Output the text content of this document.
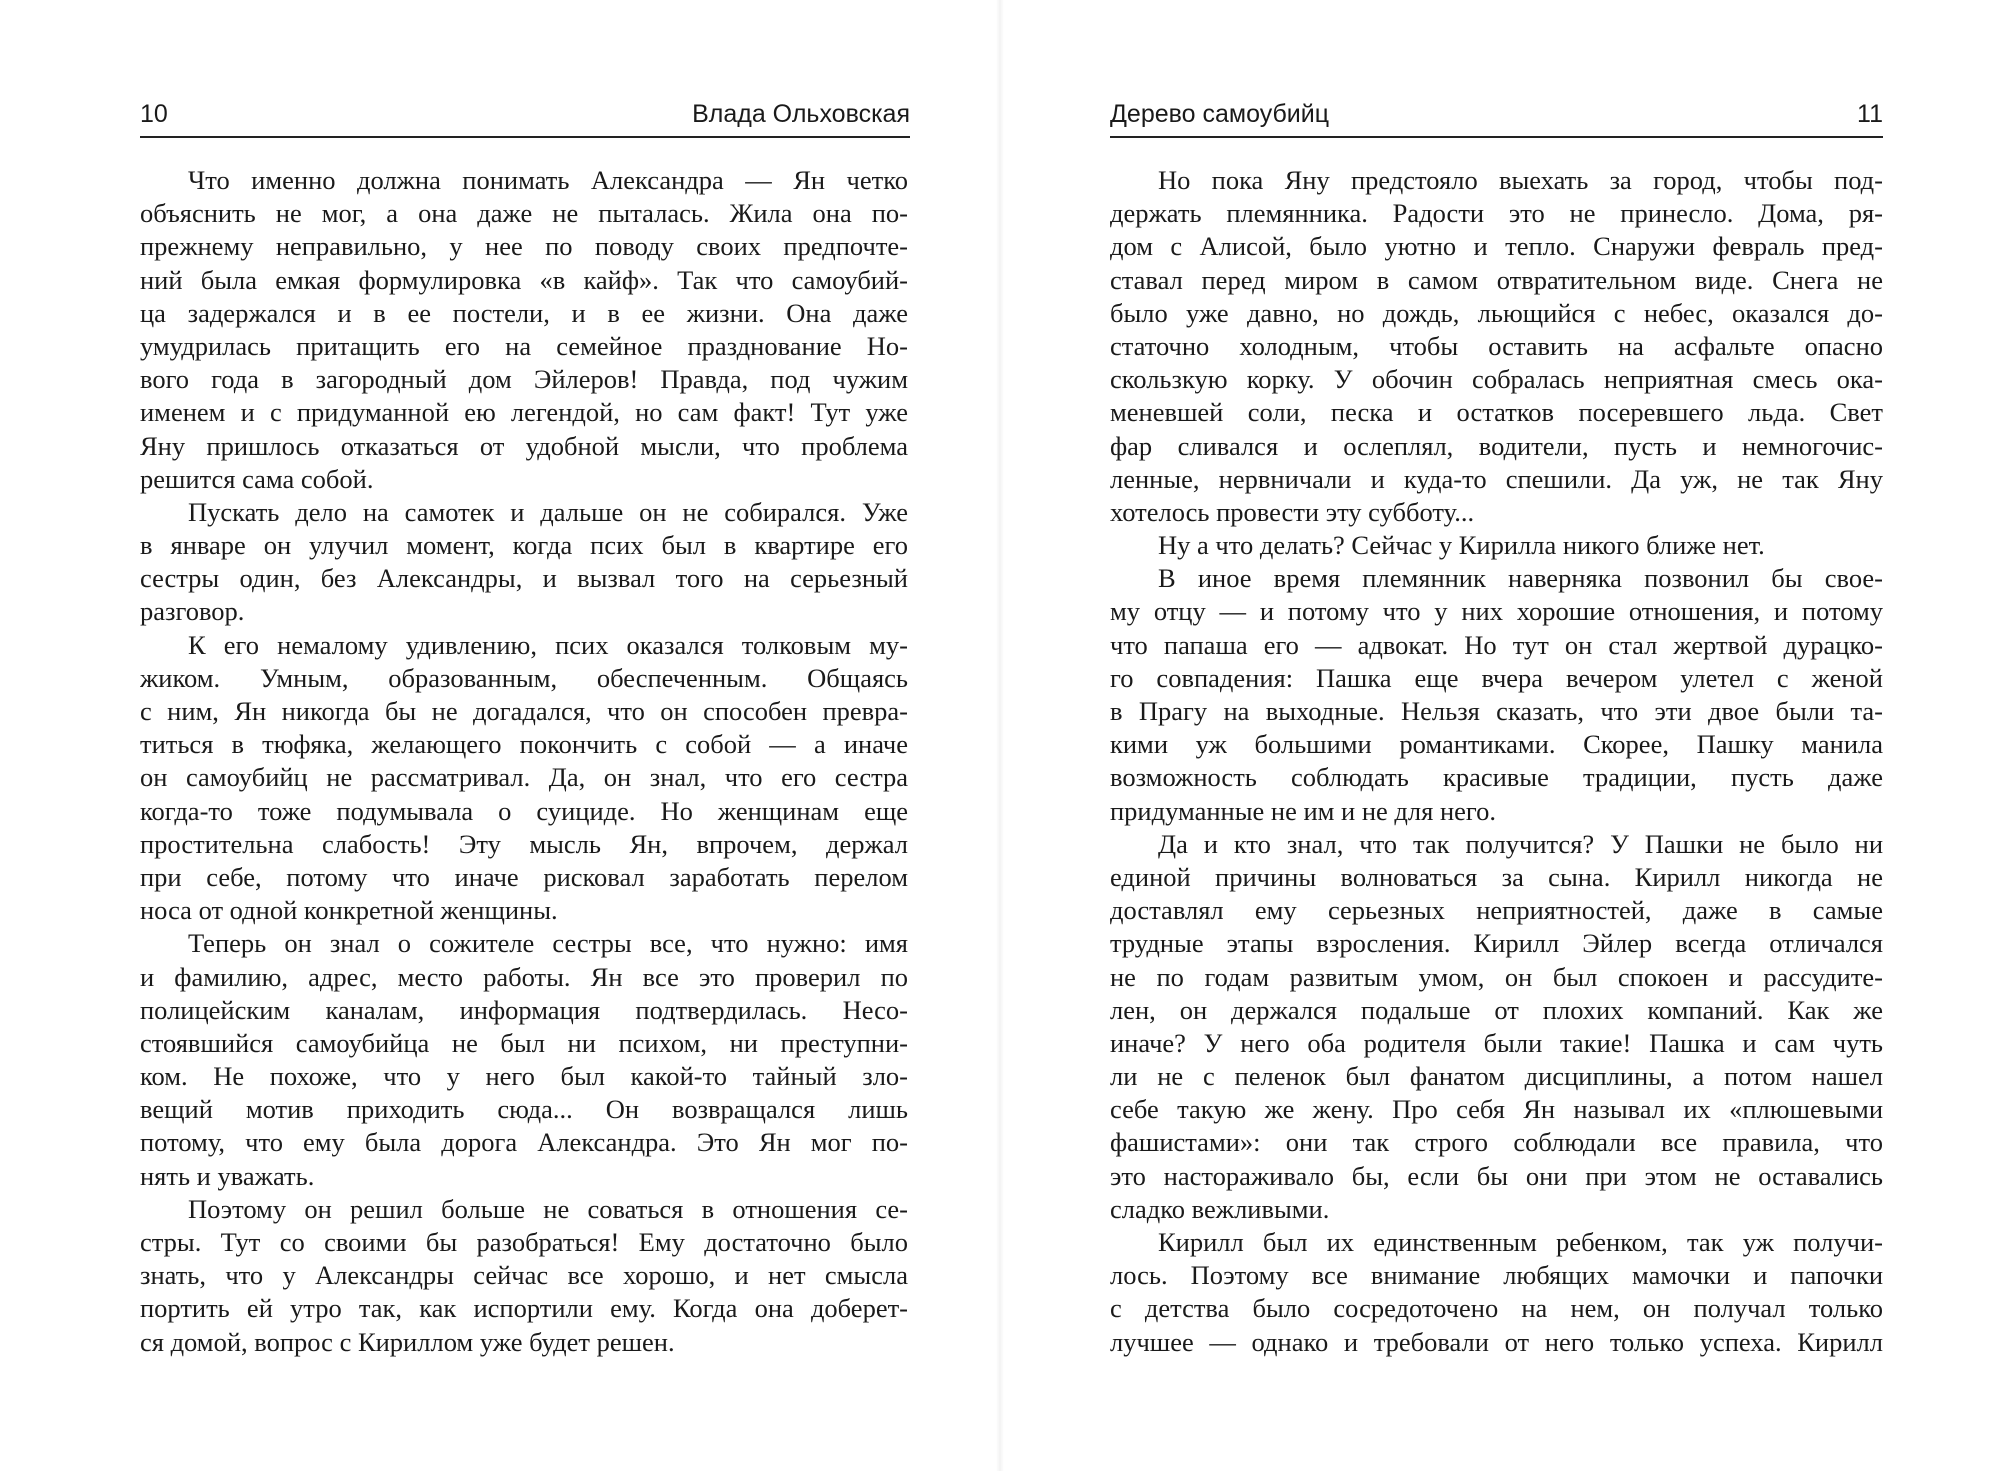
10	Влада Ольховская
Что именно должна понимать Александра — Ян четко
объяснить не мог, а она даже не пыталась. Жила она по-
прежнему неправильно, у нее по поводу своих предпочте-
ний была емкая формулировка «в кайф». Так что самоубий-
ца задержался и в ее постели, и в ее жизни. Она даже
умудрилась притащить его на семейное празднование Но-
вого года в загородный дом Эйлеров! Правда, под чужим
именем и с придуманной ею легендой, но сам факт! Тут уже
Яну пришлось отказаться от удобной мысли, что проблема
решится сама собой.
Пускать дело на самотек и дальше он не собирался. Уже
в январе он улучил момент, когда псих был в квартире его
сестры один, без Александры, и вызвал того на серьезный
разговор.
К его немалому удивлению, псих оказался толковым му-
жиком. Умным, образованным, обеспеченным. Общаясь
с ним, Ян никогда бы не догадался, что он способен превра-
титься в тюфяка, желающего покончить с собой — а иначе
он самоубийц не рассматривал. Да, он знал, что его сестра
когда-то тоже подумывала о суициде. Но женщинам еще
простительна слабость! Эту мысль Ян, впрочем, держал
при себе, потому что иначе рисковал заработать перелом
носа от одной конкретной женщины.
Теперь он знал о сожителе сестры все, что нужно: имя
и фамилию, адрес, место работы. Ян все это проверил по
полицейским каналам, информация подтвердилась. Несо-
стоявшийся самоубийца не был ни психом, ни преступни-
ком. Не похоже, что у него был какой-то тайный зло-
вещий мотив приходить сюда... Он возвращался лишь
потому, что ему была дорога Александра. Это Ян мог по-
нять и уважать.
Поэтому он решил больше не соваться в отношения се-
стры. Тут со своими бы разобраться! Ему достаточно было
знать, что у Александры сейчас все хорошо, и нет смысла
портить ей утро так, как испортили ему. Когда она доберет-
ся домой, вопрос с Кириллом уже будет решен.
Дерево самоубийц	11
Но пока Яну предстояло выехать за город, чтобы под-
держать племянника. Радости это не принесло. Дома, ря-
дом с Алисой, было уютно и тепло. Снаружи февраль пред-
ставал перед миром в самом отвратительном виде. Снега не
было уже давно, но дождь, льющийся с небес, оказался до-
статочно холодным, чтобы оставить на асфальте опасно
скользкую корку. У обочин собралась неприятная смесь ока-
меневшей соли, песка и остатков посеревшего льда. Свет
фар сливался и ослеплял, водители, пусть и немногочис-
ленные, нервничали и куда-то спешили. Да уж, не так Яну
хотелось провести эту субботу...
Ну а что делать? Сейчас у Кирилла никого ближе нет.
В иное время племянник наверняка позвонил бы свое-
му отцу — и потому что у них хорошие отношения, и потому
что папаша его — адвокат. Но тут он стал жертвой дурацко-
го совпадения: Пашка еще вчера вечером улетел с женой
в Прагу на выходные. Нельзя сказать, что эти двое были та-
кими уж большими романтиками. Скорее, Пашку манила
возможность соблюдать красивые традиции, пусть даже
придуманные не им и не для него.
Да и кто знал, что так получится? У Пашки не было ни
единой причины волноваться за сына. Кирилл никогда не
доставлял ему серьезных неприятностей, даже в самые
трудные этапы взросления. Кирилл Эйлер всегда отличался
не по годам развитым умом, он был спокоен и рассудите-
лен, он держался подальше от плохих компаний. Как же
иначе? У него оба родителя были такие! Пашка и сам чуть
ли не с пеленок был фанатом дисциплины, а потом нашел
себе такую же жену. Про себя Ян называл их «плюшевыми
фашистами»: они так строго соблюдали все правила, что
это настораживало бы, если бы они при этом не оставались
сладко вежливыми.
Кирилл был их единственным ребенком, так уж получи-
лось. Поэтому все внимание любящих мамочки и папочки
с детства было сосредоточено на нем, он получал только
лучшее — однако и требовали от него только успеха. Кирилл
